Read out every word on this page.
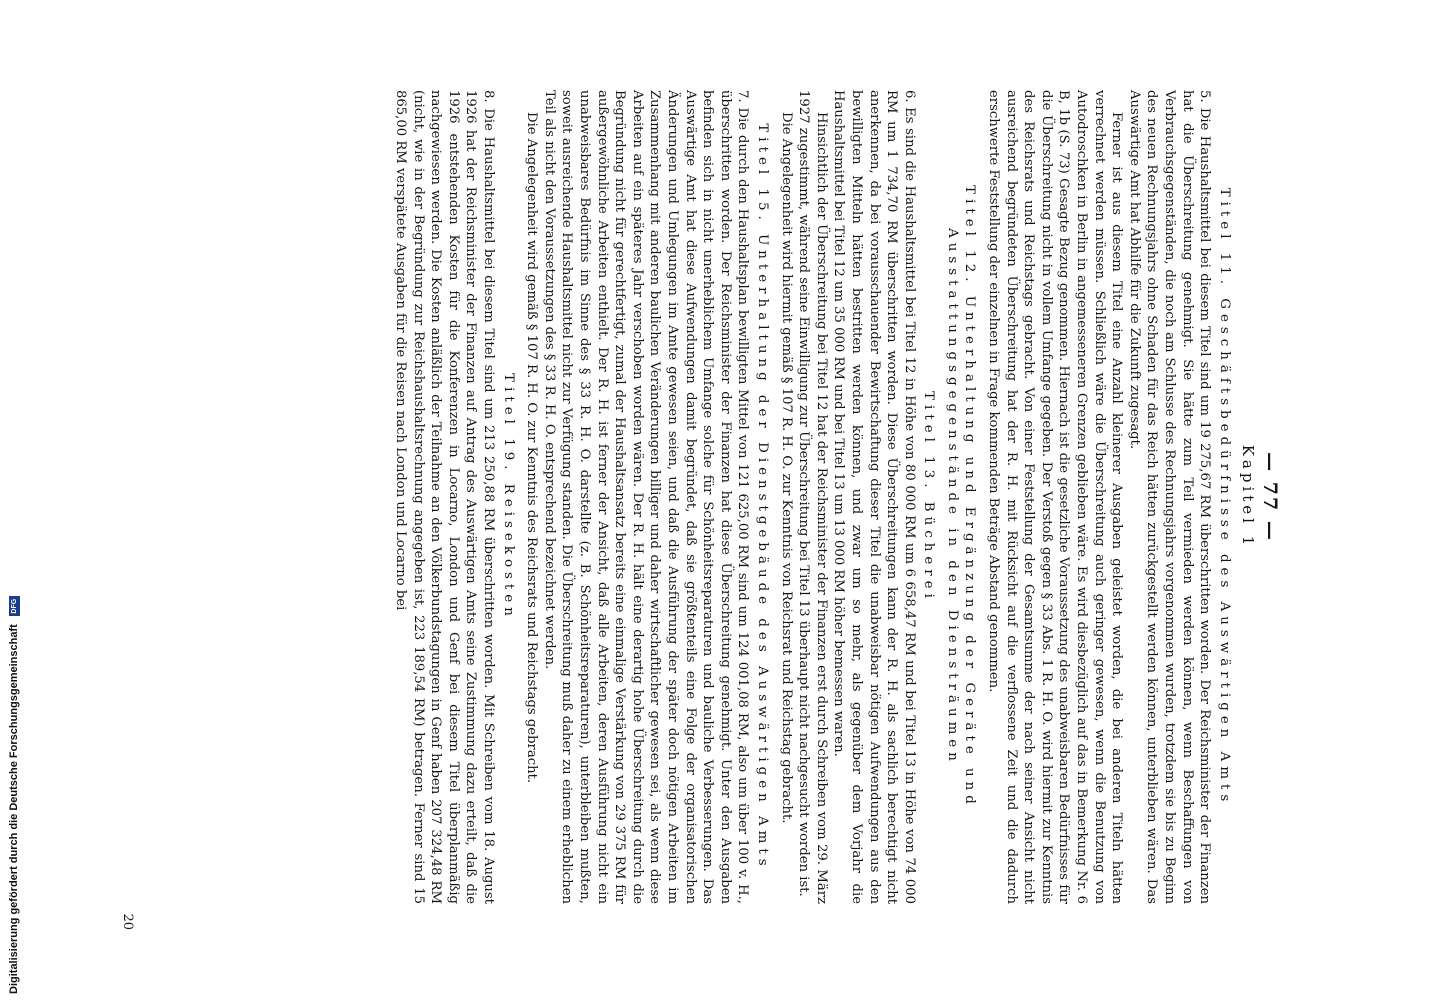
Digitalisierung gefördert durch die Deutsche Forschungsgemeinschaft
DFG
— 77 —
Kapitel 1
Titel 11. Geschäftsbedürfnisse des Auswärtigen Amts

5. Die Haushaltsmittel bei diesem Titel sind um 19 275,67 RM überschritten worden. Der Reichsminister der Finanzen hat die Überschreitung genehmigt. Sie hätte zum Teil vermieden werden können, wenn Beschaffungen von Verbrauchsgegenständen, die noch am Schlusse des Rechnungsjahrs vorgenommen wurden, trotzdem sie bis zu Beginn des neuen Rechnungsjahrs ohne Schaden für das Reich hätten zurückgestellt werden können, unterblieben wären. Das Auswärtige Amt hat Abhilfe für die Zukunft zugesagt.

Ferner ist aus diesem Titel eine Anzahl kleinerer Ausgaben geleistet worden, die bei anderen Titeln hätten verrechnet werden müssen. Schließlich wäre die Überschreitung auch geringer gewesen, wenn die Benutzung von Autodroschken in Berlin in angemesseneren Grenzen geblieben wäre. Es wird diesbezüglich auf das in Bemerkung Nr. 6 B, 1b (S. 73) Gesagte Bezug genommen. Hiernach ist die gesetzliche Voraussetzung des unabweisbaren Bedürfnisses für die Überschreitung nicht in vollem Umfange gegeben. Der Verstoß gegen § 33 Abs. 1 R. H. O. wird hiermit zur Kenntnis des Reichsrats und Reichstags gebracht. Von einer Feststellung der Gesamtsumme der nach seiner Ansicht nicht ausreichend begründeten Überschreitung hat der R. H. mit Rücksicht auf die verflossene Zeit und die dadurch erschwerte Feststellung der einzelnen in Frage kommenden Beträge Abstand genommen.

Titel 12. Unterhaltung und Ergänzung der Geräte und Ausstattungsgegenstände in den Diensträumen
Titel 13. Bücherei

6. Es sind die Haushaltsmittel bei Titel 12 in Höhe von 80 000 RM um 6 658,47 RM und bei Titel 13 in Höhe von 74 000 RM um 1 734,70 RM überschritten worden. Diese Überschreitungen kann der R. H. als sachlich berechtigt nicht anerkennen, da bei vorausschauender Bewirtschaftung dieser Titel die unabweisbar nötigen Aufwendungen aus den bewilligten Mitteln hätten bestritten werden können, und zwar um so mehr, als gegenüber dem Vorjahr die Haushaltsmittel bei Titel 12 um 35 000 RM und bei Titel 13 um 13 000 RM höher bemessen waren.

Hinsichtlich der Überschreitung bei Titel 12 hat der Reichsminister der Finanzen erst durch Schreiben vom 29. März 1927 zugestimmt, während seine Einwilligung zur Überschreitung bei Titel 13 überhaupt nicht nachgesucht worden ist.

Die Angelegenheit wird hiermit gemäß § 107 R. H. O. zur Kenntnis von Reichsrat und Reichstag gebracht.

Titel 15. Unterhaltung der Dienstgebäude des Auswärtigen Amts

7. Die durch den Haushaltsplan bewilligten Mittel von 121 625,00 RM sind um 124 001,08 RM, also um über 100 v. H., überschritten worden. Der Reichsminister der Finanzen hat diese Überschreitung genehmigt. Unter den Ausgaben befinden sich in nicht unerheblichem Umfange solche für Schönheitsreparaturen und bauliche Verbesserungen. Das Auswärtige Amt hat diese Aufwendungen damit begründet, daß sie größtenteils eine Folge der organisatorischen Änderungen und Umlegungen im Amte gewesen seien, und daß die Ausführung der später doch nötigen Arbeiten im Zusammenhang mit anderen baulichen Veränderungen billiger und daher wirtschaftlicher gewesen sei, als wenn diese Arbeiten auf ein späteres Jahr verschoben worden wären. Der R. H. hält eine derartig hohe Überschreitung durch die Begründung nicht für gerechtfertigt, zumal der Haushaltsansatz bereits eine einmalige Verstärkung von 29 375 RM für außergewöhnliche Arbeiten enthielt. Der R. H. ist ferner der Ansicht, daß alle Arbeiten, deren Ausführung nicht ein unabweisbares Bedürfnis im Sinne des § 33 R. H. O. darstellte (z. B. Schönheitsreparaturen), unterbleiben mußten, soweit ausreichende Haushaltsmittel nicht zur Verfügung standen. Die Überschreitung muß daher zu einem erheblichen Teil als nicht den Voraussetzungen des § 33 R. H. O. entsprechend bezeichnet werden.

Die Angelegenheit wird gemäß § 107 R. H. O. zur Kenntnis des Reichsrats und Reichstags gebracht.

Titel 19. Reisekosten

8. Die Haushaltsmittel bei diesem Titel sind um 213 250,88 RM überschritten worden. Mit Schreiben vom 18. August 1926 hat der Reichsminister der Finanzen auf Antrag des Auswärtigen Amts seine Zustimmung dazu erteilt, daß die 1926 entstehenden Kosten für die Konferenzen in Locarno, London und Genf bei diesem Titel überplanmäßig nachgewiesen werden. Die Kosten anläßlich der Teilnahme an den Völkerbundstagungen in Genf haben 207 324,48 RM (nicht, wie in der Begründung zur Reichshaushaltsrechnung angegeben ist, 223 189,54 RM) betragen. Ferner sind 15 865,00 RM verspätete Ausgaben für die Reisen nach London und Locarno bei

20
